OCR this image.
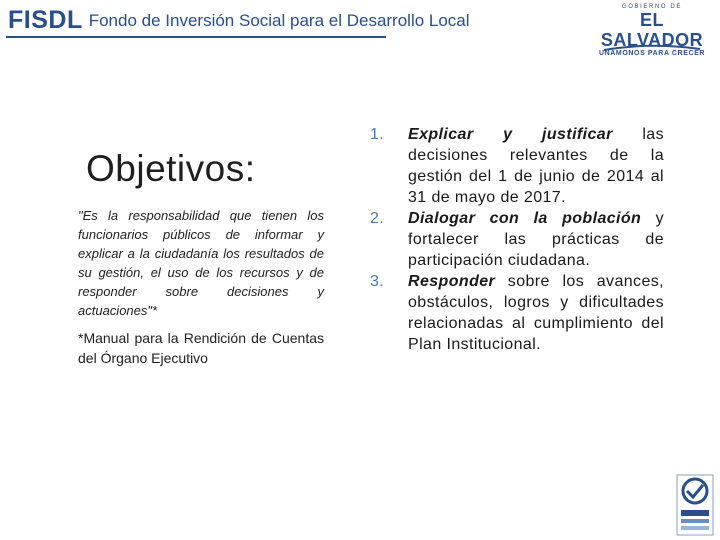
FISDL Fondo de Inversión Social para el Desarrollo Local
GOBIERNO DE
EL SALVADOR
UNÁMONOS PARA CRECER
Objetivos:
"Es la responsabilidad que tienen los funcionarios públicos de informar y explicar a la ciudadanía los resultados de su gestión, el uso de los recursos y de responder sobre decisiones y actuaciones"*
*Manual para la Rendición de Cuentas del Órgano Ejecutivo
1. Explicar y justificar las decisiones relevantes de la gestión del 1 de junio de 2014 al 31 de mayo de 2017.
2. Dialogar con la población y fortalecer las prácticas de participación ciudadana.
3. Responder sobre los avances, obstáculos, logros y dificultades relacionadas al cumplimiento del Plan Institucional.
